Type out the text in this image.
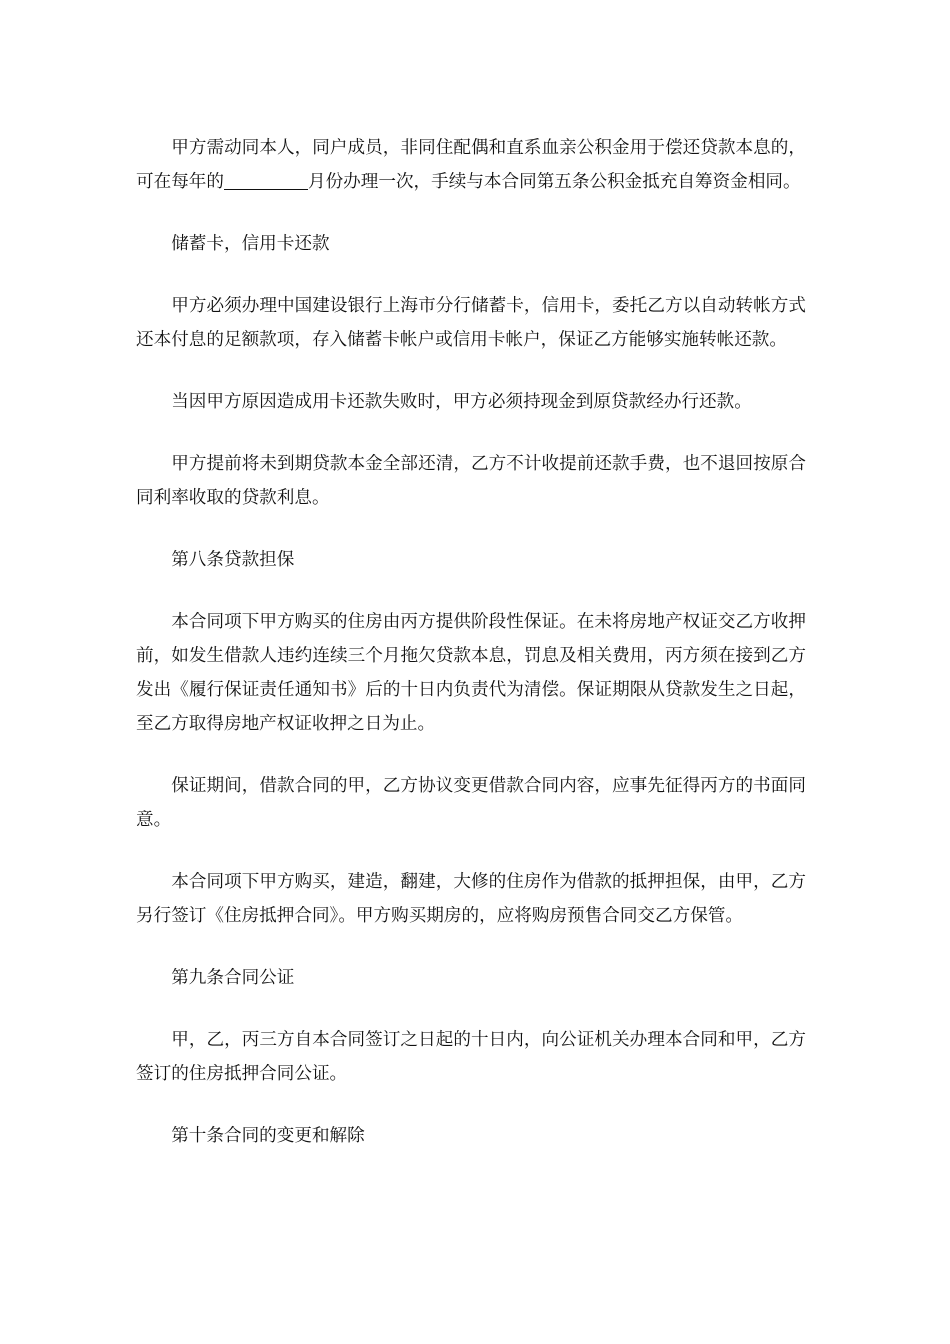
甲方需动同本人，同户成员，非同住配偶和直系血亲公积金用于偿还贷款本息的，可在每年的	月份办理一次，手续与本合同第五条公积金抵充自筹资金相同。

储蓄卡，信用卡还款

甲方必须办理中国建设银行上海市分行储蓄卡，信用卡，委托乙方以自动转帐方式还本付息的足额款项，存入储蓄卡帐户或信用卡帐户，保证乙方能够实施转帐还款。

当因甲方原因造成用卡还款失败时，甲方必须持现金到原贷款经办行还款。

甲方提前将未到期贷款本金全部还清，乙方不计收提前还款手费，也不退回按原合同利率收取的贷款利息。

第八条贷款担保

本合同项下甲方购买的住房由丙方提供阶段性保证。在未将房地产权证交乙方收押前，如发生借款人违约连续三个月拖欠贷款本息，罚息及相关费用，丙方须在接到乙方发出《履行保证责任通知书》后的十日内负责代为清偿。保证期限从贷款发生之日起，至乙方取得房地产权证收押之日为止。

保证期间，借款合同的甲，乙方协议变更借款合同内容，应事先征得丙方的书面同意。

本合同项下甲方购买，建造，翻建，大修的住房作为借款的抵押担保，由甲，乙方另行签订《住房抵押合同》。甲方购买期房的，应将购房预售合同交乙方保管。

第九条合同公证

甲，乙，丙三方自本合同签订之日起的十日内，向公证机关办理本合同和甲，乙方签订的住房抵押合同公证。

第十条合同的变更和解除
